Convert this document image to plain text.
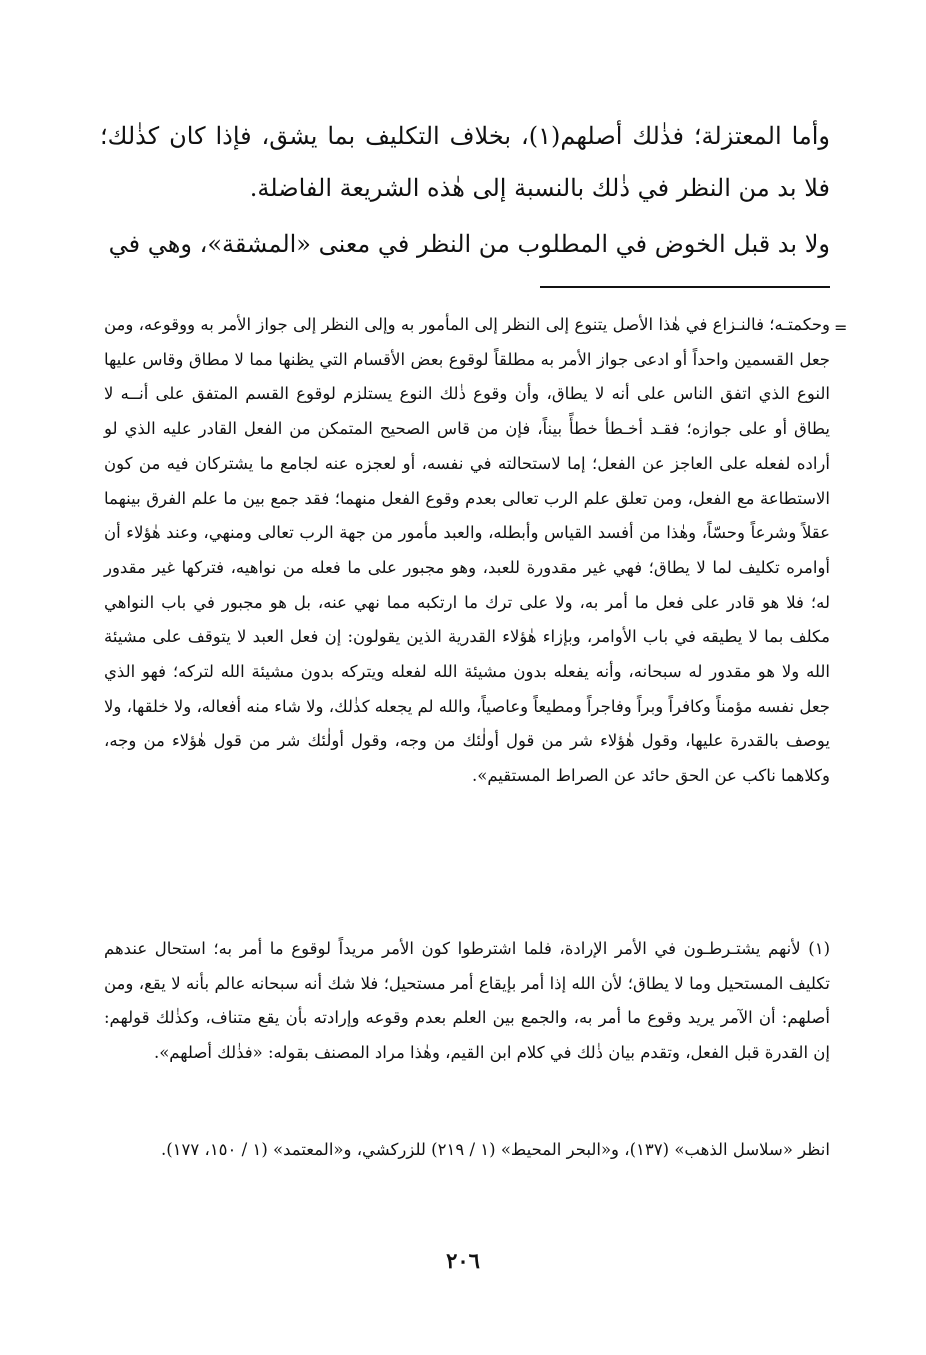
وأما المعتزلة؛ فذٰلك أصلهم(١)، بخلاف التكليف بما يشق، فإذا كان كذٰلك؛ فلا بد من النظر في ذٰلك بالنسبة إلى هٰذه الشريعة الفاضلة.

ولا بد قبل الخوض في المطلوب من النظر في معنى «المشقة»، وهي في

=

وحكمتـه؛ فالنـزاع في هٰذا الأصل يتنوع إلى النظر إلى المأمور به وإلى النظر إلى جواز الأمر به ووقوعه، ومن جعل القسمين واحداً أو ادعى جواز الأمر به مطلقاً لوقوع بعض الأقسام التي يظنها مما لا مطاق وقاس عليها النوع الذي اتفق الناس على أنه لا يطاق، وأن وقوع ذٰلك النوع يستلزم لوقوع القسم المتفق على أنــه لا يطاق أو على جوازه؛ فقـد أخـطأ خطأً بيناً، فإن من قاس الصحيح المتمكن من الفعل القادر عليه الذي لو أراده لفعله على العاجز عن الفعل؛ إما لاستحالته في نفسه، أو لعجزه عنه لجامع ما يشتركان فيه من كون الاستطاعة مع الفعل، ومن تعلق علم الرب تعالى بعدم وقوع الفعل منهما؛ فقد جمع بين ما علم الفرق بينهما عقلاً وشرعاً وحسّاً، وهٰذا من أفسد القياس وأبطله، والعبد مأمور من جهة الرب تعالى ومنهي، وعند هٰؤلاء أن أوامره تكليف لما لا يطاق؛ فهي غير مقدورة للعبد، وهو مجبور على ما فعله من نواهيه، فتركها غير مقدور له؛ فلا هو قادر على فعل ما أمر به، ولا على ترك ما ارتكبه مما نهي عنه، بل هو مجبور في باب النواهي مكلف بما لا يطيقه في باب الأوامر، وبإزاء هٰؤلاء القدرية الذين يقولون: إن فعل العبد لا يتوقف على مشيئة الله ولا هو مقدور له سبحانه، وأنه يفعله بدون مشيئة الله لفعله ويتركه بدون مشيئة الله لتركه؛ فهو الذي جعل نفسه مؤمناً وكافراً وبراً وفاجراً ومطيعاً وعاصياً، والله لم يجعله كذٰلك، ولا شاء منه أفعاله، ولا خلقها، ولا يوصف بالقدرة عليها، وقول هٰؤلاء شر من قول أولٰئك من وجه، وقول أولٰئك شر من قول هٰؤلاء من وجه، وكلاهما ناكب عن الحق حائد عن الصراط المستقيم».

(١) لأنهم يشتـرطـون في الأمر الإرادة، فلما اشترطوا كون الأمر مريداً لوقوع ما أمر به؛ استحال عندهم تكليف المستحيل وما لا يطاق؛ لأن الله إذا أمر بإيقاع أمر مستحيل؛ فلا شك أنه سبحانه عالم بأنه لا يقع، ومن أصلهم: أن الآمر يريد وقوع ما أمر به، والجمع بين العلم بعدم وقوعه وإرادته بأن يقع متناف، وكذٰلك قولهم: إن القدرة قبل الفعل، وتقدم بيان ذٰلك في كلام ابن القيم، وهٰذا مراد المصنف بقوله: «فذٰلك أصلهم».

انظر «سلاسل الذهب» (١٣٧)، و«البحر المحيط» (١ / ٢١٩) للزركشي، و«المعتمد» (١ / ١٥٠، ١٧٧).

٢٠٦
